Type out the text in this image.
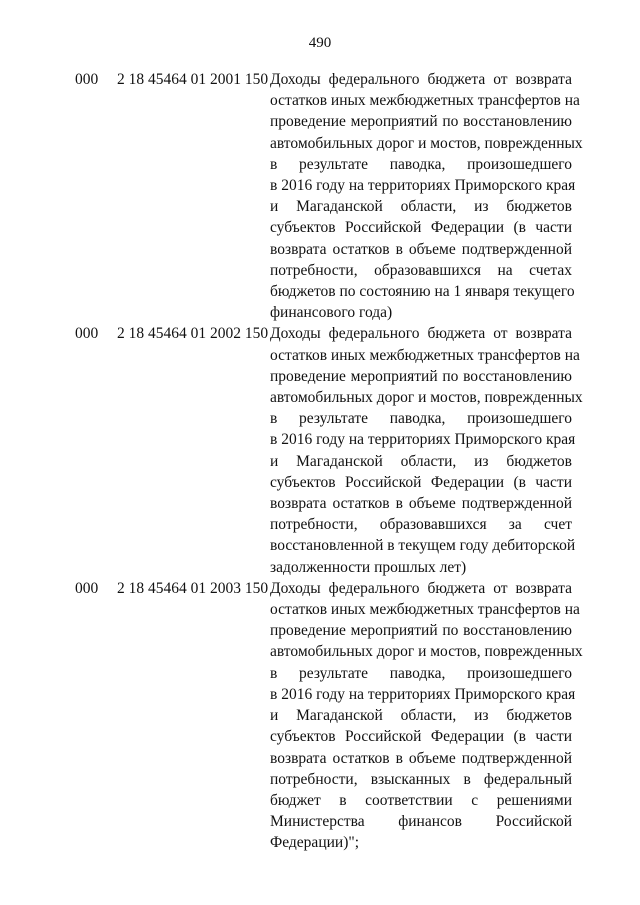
490
000 2 18 45464 01 2001 150 Доходы федерального бюджета от возврата
остатков иных межбюджетных трансфертов на
проведение мероприятий по восстановлению
автомобильных дорог и мостов, поврежденных
в результате паводка, произошедшего
в 2016 году на территориях Приморского края
и Магаданской области, из бюджетов
субъектов Российской Федерации (в части
возврата остатков в объеме подтвержденной
потребности, образовавшихся на счетах
бюджетов по состоянию на 1 января текущего
финансового года)
000 2 18 45464 01 2002 150 Доходы федерального бюджета от возврата
остатков иных межбюджетных трансфертов на
проведение мероприятий по восстановлению
автомобильных дорог и мостов, поврежденных
в результате паводка, произошедшего
в 2016 году на территориях Приморского края
и Магаданской области, из бюджетов
субъектов Российской Федерации (в части
возврата остатков в объеме подтвержденной
потребности, образовавшихся за счет
восстановленной в текущем году дебиторской
задолженности прошлых лет)
000 2 18 45464 01 2003 150 Доходы федерального бюджета от возврата
остатков иных межбюджетных трансфертов на
проведение мероприятий по восстановлению
автомобильных дорог и мостов, поврежденных
в результате паводка, произошедшего
в 2016 году на территориях Приморского края
и Магаданской области, из бюджетов
субъектов Российской Федерации (в части
возврата остатков в объеме подтвержденной
потребности, взысканных в федеральный
бюджет в соответствии с решениями
Министерства финансов Российской
Федерации)";
